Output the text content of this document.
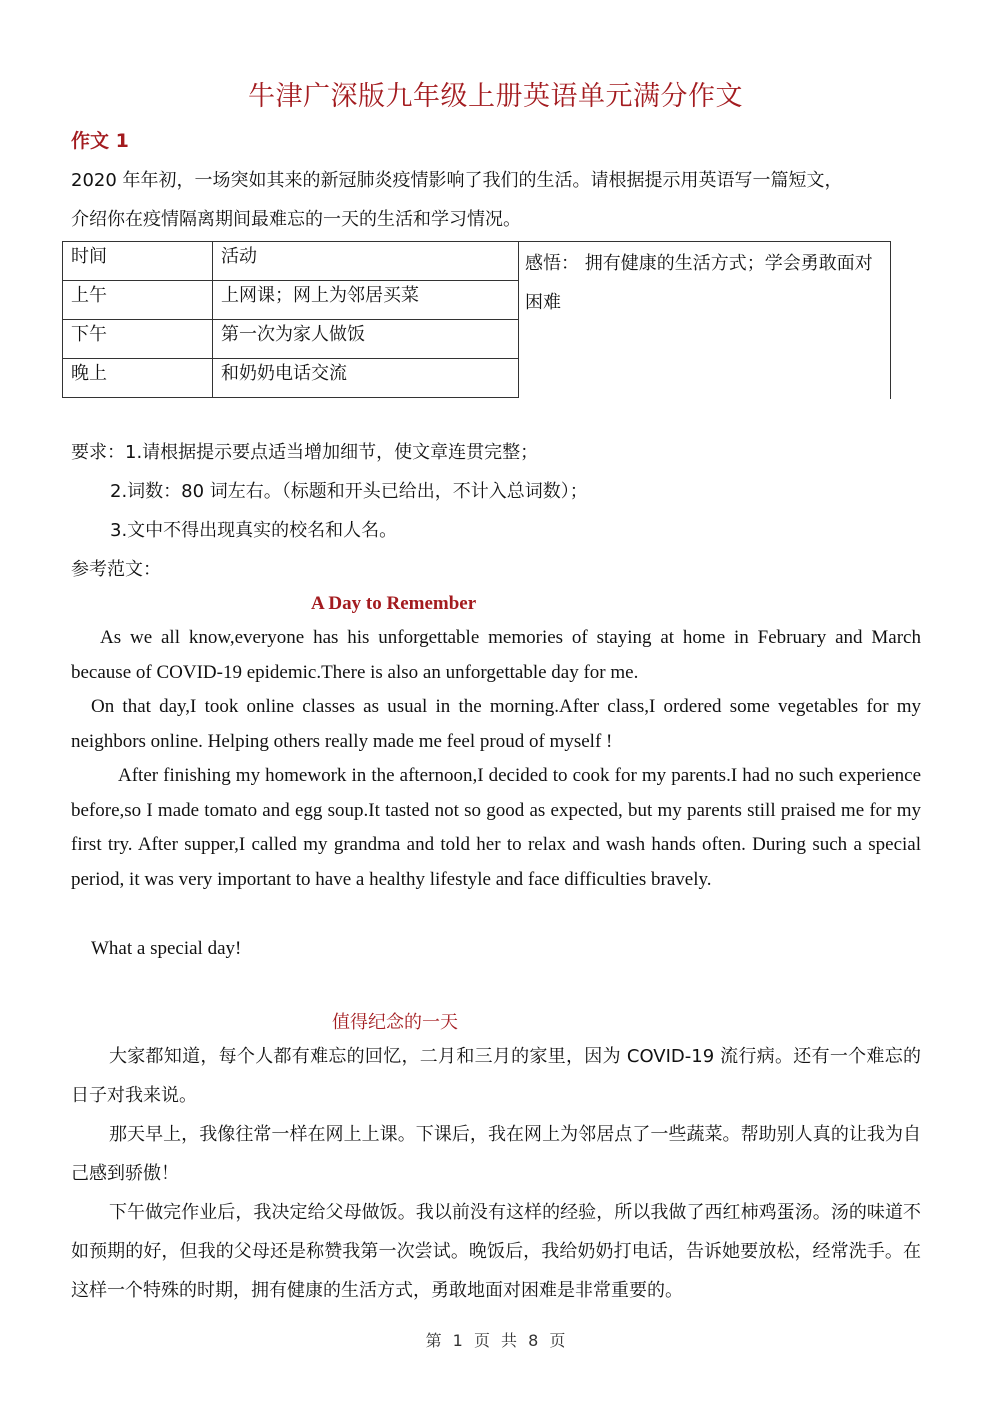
牛津广深版九年级上册英语单元满分作文
作文 1
2020 年年初，一场突如其来的新冠肺炎疫情影响了我们的生活。请根据提示用英语写一篇短文，
介绍你在疫情隔离期间最难忘的一天的生活和学习情况。
时间	活动
上午	上网课；网上为邻居买菜
下午	第一次为家人做饭
晚上	和奶奶电话交流
感悟： 拥有健康的生活方式；学会勇敢面对困难
要求：1.请根据提示要点适当增加细节，使文章连贯完整；
2.词数：80 词左右。（标题和开头已给出，不计入总词数）；
3.文中不得出现真实的校名和人名。
参考范文：
A Day to Remember

As we all know,everyone has his unforgettable memories of staying at home in February and March because of COVID-19 epidemic.There is also an unforgettable day for me.

On that day,I took online classes as usual in the morning.After class,I ordered some vegetables for my neighbors online. Helping others really made me feel proud of myself !

After finishing my homework in the afternoon,I decided to cook for my parents.I had no such experience before,so I made tomato and egg soup.It tasted not so good as expected, but my parents still praised me for my first try. After supper,I called my grandma and told her to relax and wash hands often. During such a special period, it was very important to have a healthy lifestyle and face difficulties bravely.

What a special day!

值得纪念的一天

大家都知道，每个人都有难忘的回忆，二月和三月的家里，因为 COVID-19 流行病。还有一个难忘的日子对我来说。

那天早上，我像往常一样在网上上课。下课后，我在网上为邻居点了一些蔬菜。帮助别人真的让我为自己感到骄傲！

下午做完作业后，我决定给父母做饭。我以前没有这样的经验，所以我做了西红柿鸡蛋汤。汤的味道不如预期的好，但我的父母还是称赞我第一次尝试。晚饭后，我给奶奶打电话，告诉她要放松，经常洗手。在这样一个特殊的时期，拥有健康的生活方式，勇敢地面对困难是非常重要的。

第 1 页 共 8 页
